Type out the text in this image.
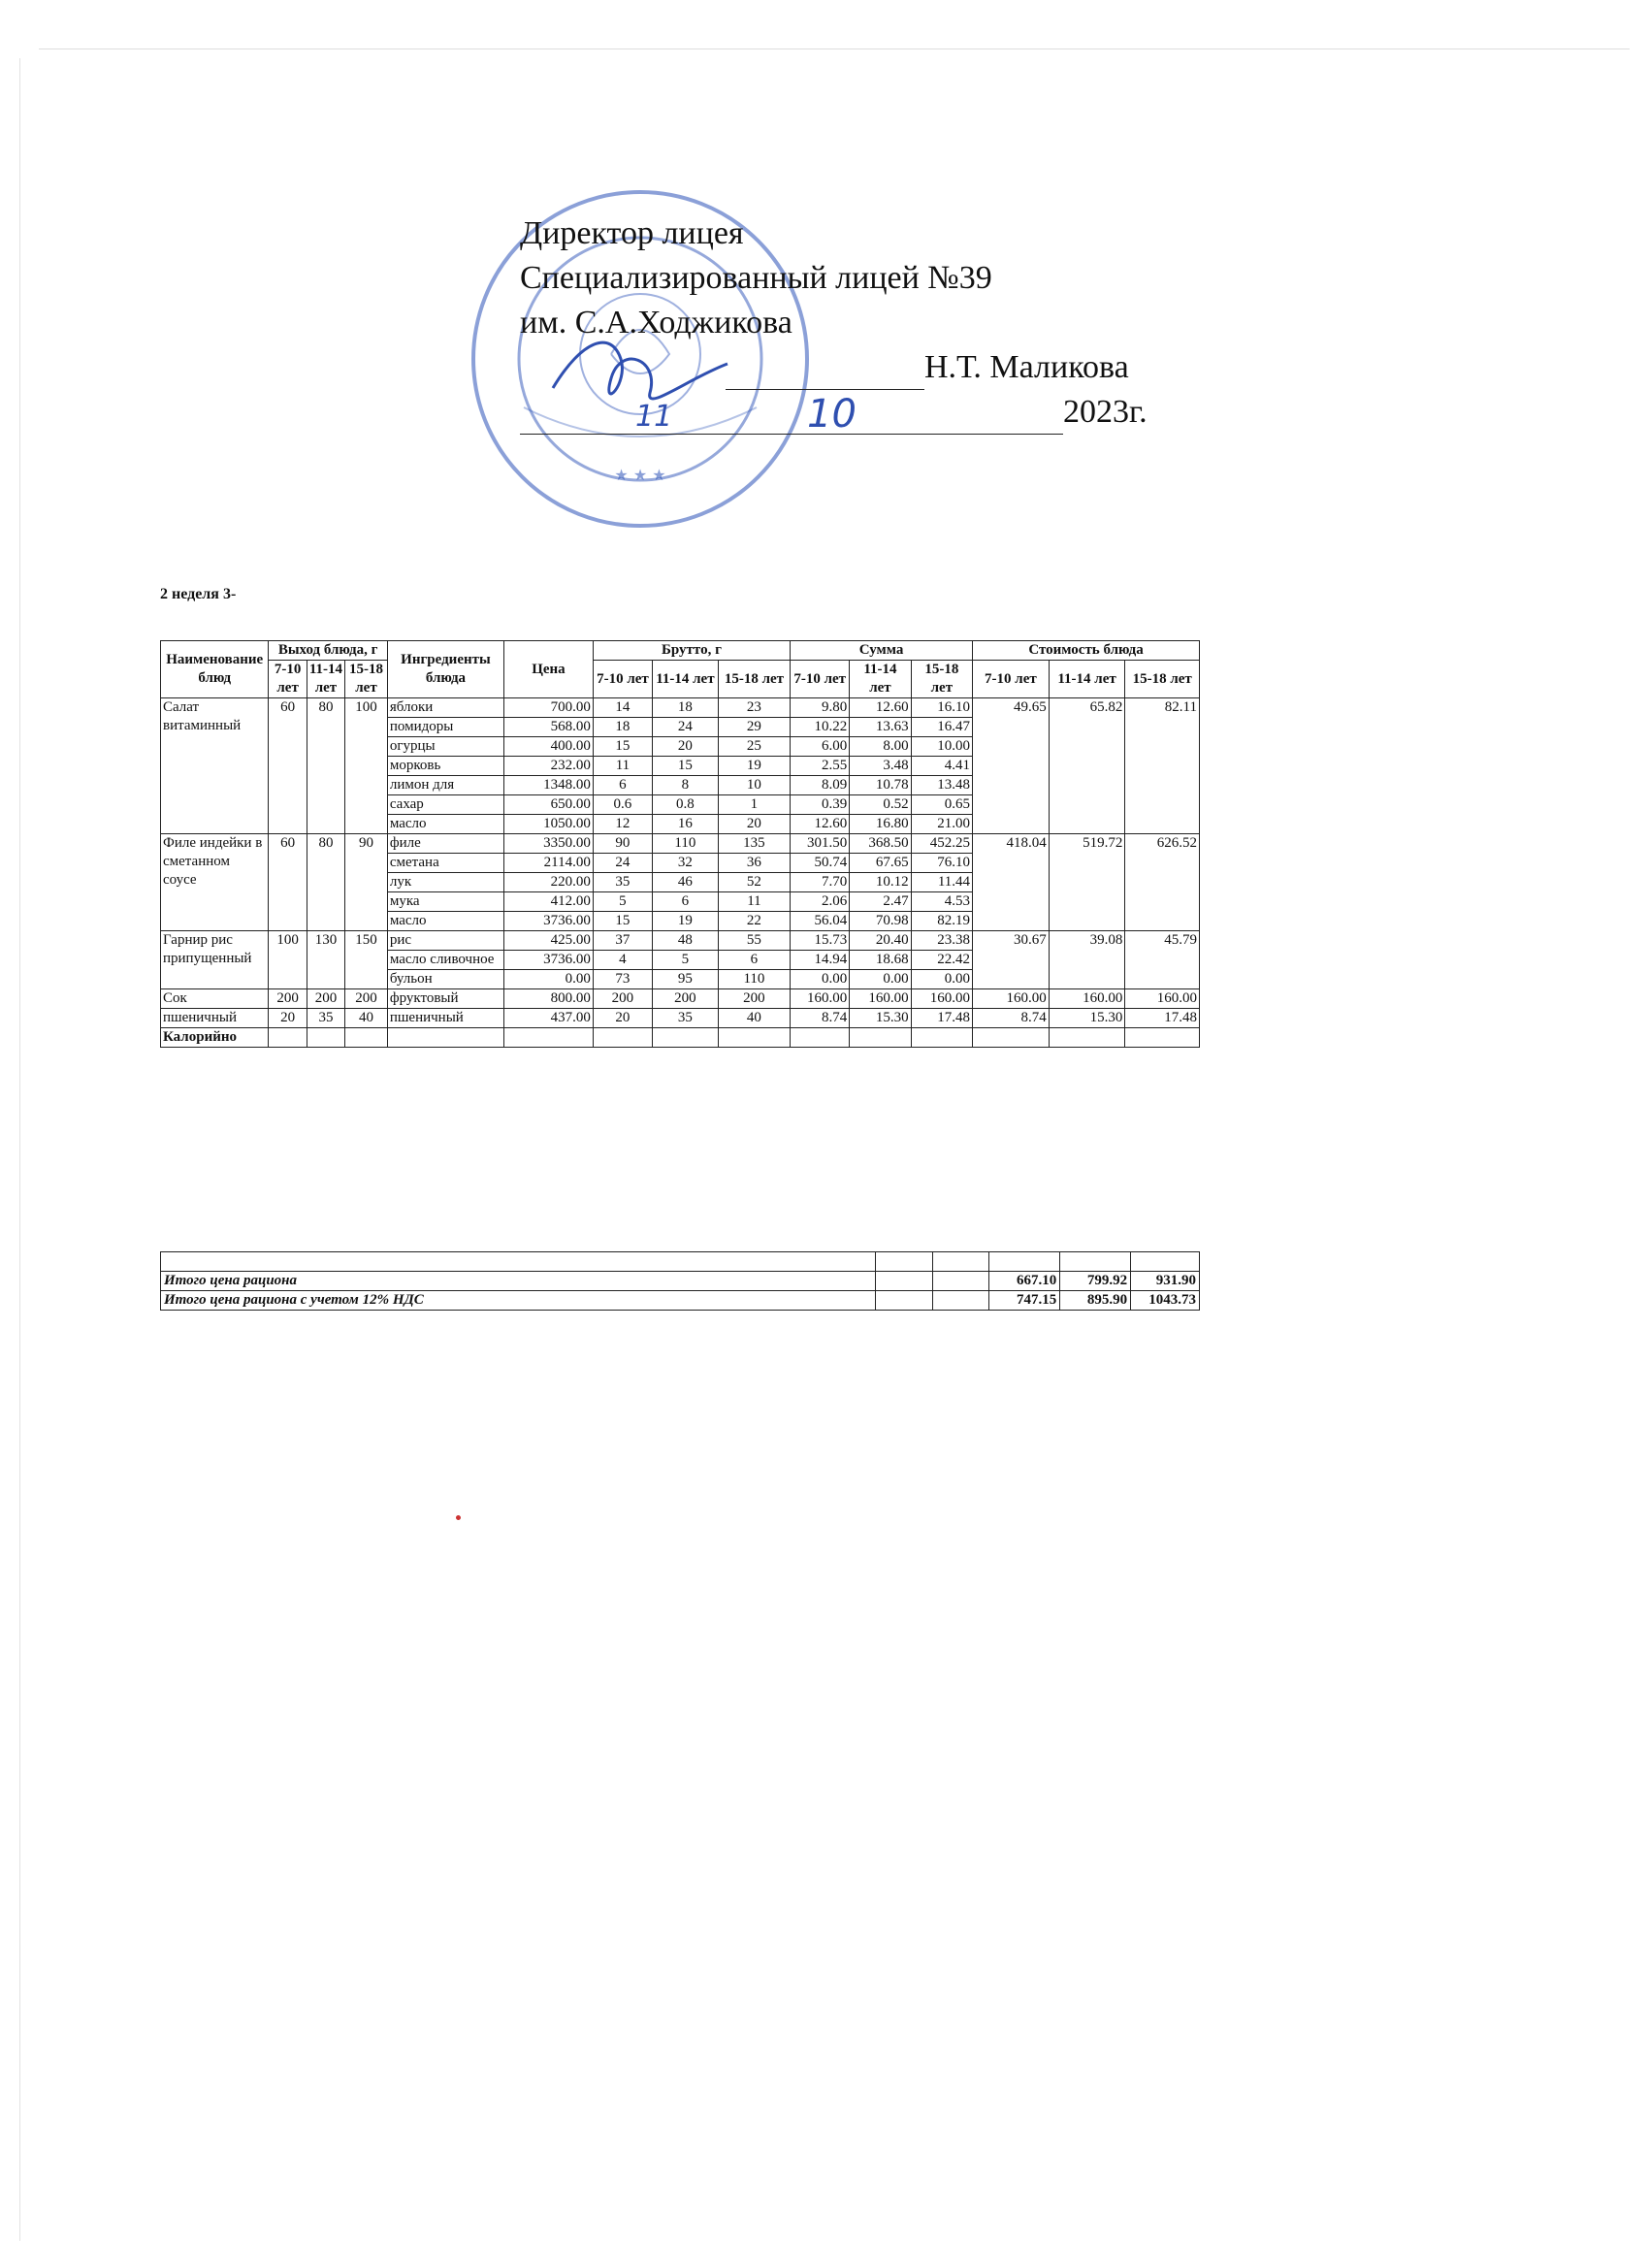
★ ★ ★
Директор лицея
Специализированный лицей №39
им. С.А.Ходжикова
Н.Т. Маликова
2023г.
11	10
2 неделя 3-
Наименование блюд	Выход блюда, г			Ингредиенты блюда	Цена	Брутто, г			Сумма			Стоимость блюда		
	7-10 лет	11-14 лет	15-18 лет			7-10 лет	11-14 лет	15-18 лет	7-10 лет	11-14 лет	15-18 лет	7-10 лет	11-14 лет	15-18 лет
Салат витаминный	60	80	100	яблоки	700.00	14	18	23	9.80	12.60	16.10	49.65	65.82	82.11
				помидоры	568.00	18	24	29	10.22	13.63	16.47			
				огурцы	400.00	15	20	25	6.00	8.00	10.00			
				морковь	232.00	11	15	19	2.55	3.48	4.41			
				лимон для	1348.00	6	8	10	8.09	10.78	13.48			
				сахар	650.00	0.6	0.8	1	0.39	0.52	0.65			
				масло	1050.00	12	16	20	12.60	16.80	21.00			
Филе индейки в сметанном соусе	60	80	90	филе	3350.00	90	110	135	301.50	368.50	452.25	418.04	519.72	626.52
				сметана	2114.00	24	32	36	50.74	67.65	76.10			
				лук	220.00	35	46	52	7.70	10.12	11.44			
				мука	412.00	5	6	11	2.06	2.47	4.53			
				масло	3736.00	15	19	22	56.04	70.98	82.19			
Гарнир рис припущенный	100	130	150	рис	425.00	37	48	55	15.73	20.40	23.38	30.67	39.08	45.79
				масло сливочное	3736.00	4	5	6	14.94	18.68	22.42			
				бульон	0.00	73	95	110	0.00	0.00	0.00			
Сок	200	200	200	фруктовый	800.00	200	200	200	160.00	160.00	160.00	160.00	160.00	160.00
пшеничный	20	35	40	пшеничный	437.00	20	35	40	8.74	15.30	17.48	8.74	15.30	17.48
Калорийно														

Итого цена рациона			667.10	799.92	931.90
Итого цена рациона с учетом 12% НДС			747.15	895.90	1043.73
